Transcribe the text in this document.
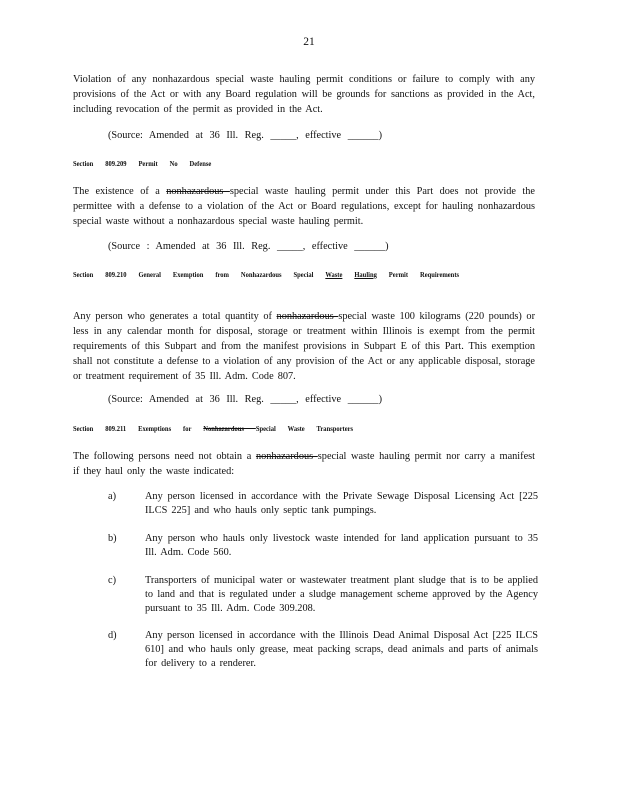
21

Violation of any nonhazardous special waste hauling permit conditions or failure to comply with any provisions of the Act or with any Board regulation will be grounds for sanctions as provided in the Act, including revocation of the permit as provided in the Act.

(Source: Amended at 36 Ill. Reg. _____, effective ______)
Section 809.209 Permit No Defense

The existence of a nonhazardous special waste hauling permit under this Part does not provide the permittee with a defense to a violation of the Act or Board regulations, except for hauling nonhazardous special waste without a nonhazardous special waste hauling permit.

(Source : Amended at 36 Ill. Reg. _____, effective ______)
Section 809.210 General Exemption from Nonhazardous Special Waste Hauling Permit Requirements

Any person who generates a total quantity of nonhazardous special waste 100 kilograms (220 pounds) or less in any calendar month for disposal, storage or treatment within Illinois is exempt from the permit requirements of this Subpart and from the manifest provisions in Subpart E of this Part. This exemption shall not constitute a defense to a violation of any provision of the Act or any applicable disposal, storage or treatment requirement of 35 Ill. Adm. Code 807.

(Source: Amended at 36 Ill. Reg. _____, effective ______)
Section 809.211 Exemptions for Nonhazardous Special Waste Transporters

The following persons need not obtain a nonhazardous special waste hauling permit nor carry a manifest if they haul only the waste indicated:

a)	Any person licensed in accordance with the Private Sewage Disposal Licensing Act [225 ILCS 225] and who hauls only septic tank pumpings.
b)	Any person who hauls only livestock waste intended for land application pursuant to 35 Ill. Adm. Code 560.
c)	Transporters of municipal water or wastewater treatment plant sludge that is to be applied to land and that is regulated under a sludge management scheme approved by the Agency pursuant to 35 Ill. Adm. Code 309.208.
d)	Any person licensed in accordance with the Illinois Dead Animal Disposal Act [225 ILCS 610] and who hauls only grease, meat packing scraps, dead animals and parts of animals for delivery to a renderer.
